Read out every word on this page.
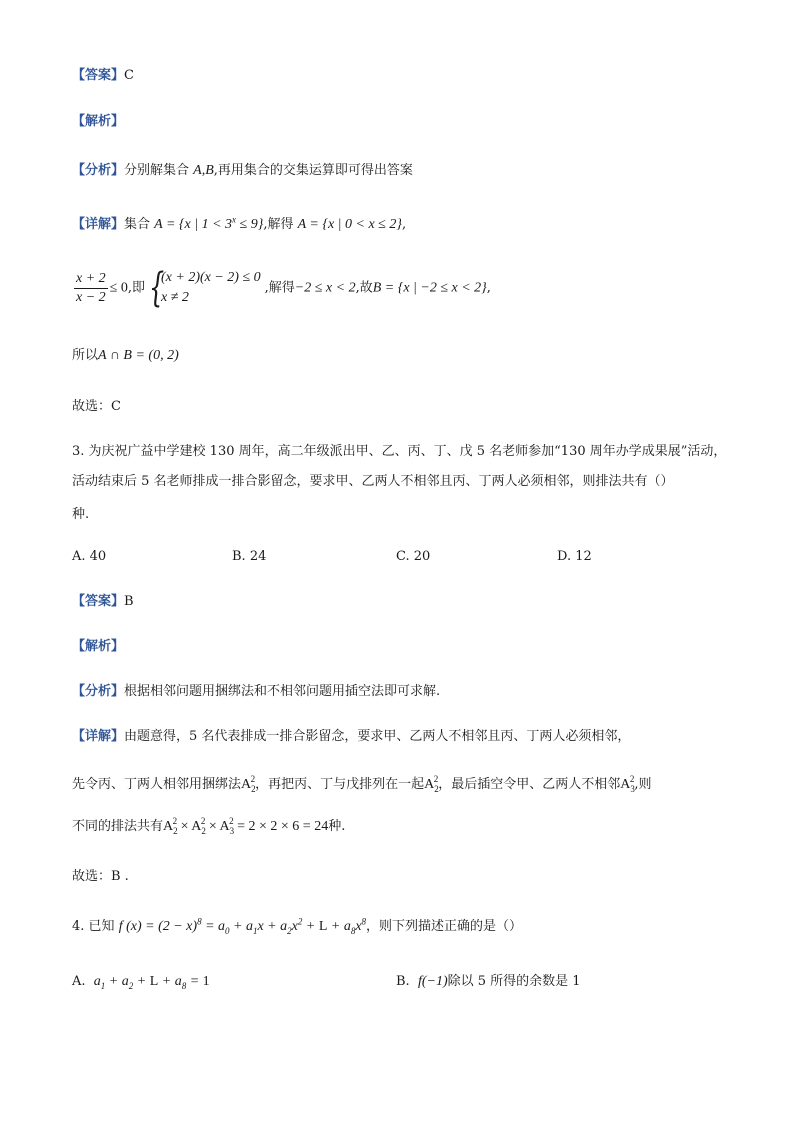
【答案】C
【解析】
【分析】分别解集合 A,B,再用集合的交集运算即可得出答案
【详解】集合 A = {x | $1 < 3^x \le 9$},解得 A = {x | 0 < x ≤ 2},
$\frac{x + 2}{x - 2} \le 0$,即 {
(x + 2)(x − 2) ≤ 0
x ≠ 2
,解得−2 ≤ x < 2,故B = {x | −2 ≤ x < 2},
所以A ∩ B = (0, 2)
故选：C
3. 为庆祝广益中学建校 130 周年，高二年级派出甲、乙、丙、丁、戊 5 名老师参加“130 周年办学成果展”活动，
活动结束后 5 名老师排成一排合影留念，要求甲、乙两人不相邻且丙、丁两人必须相邻，则排法共有（）
种.
A. 40	B. 24	C. 20	D. 12
【答案】B
【解析】
【分析】根据相邻问题用捆绑法和不相邻问题用插空法即可求解.
【详解】由题意得，5 名代表排成一排合影留念，要求甲、乙两人不相邻且丙、丁两人必须相邻，
先令丙、丁两人相邻用捆绑法$A_2^2$，再把丙、丁与戊排列在一起$A_2^2$，最后插空令甲、乙两人不相邻$A_3^2$,则
不同的排法共有$A_2^2 \times A_2^2 \times A_3^2 = 2 \times 2 \times 6 = 24$种.
故选：B .
4. 已知 f $(x) = (2 - x)^8 = a_0 + a_1x + a_2x^2 + L + a_8x^8$，则下列描述正确的是（）
A. $a_1 + a_2 + L + a_8 = 1$	B. f(−1)除以 5 所得的余数是 1
